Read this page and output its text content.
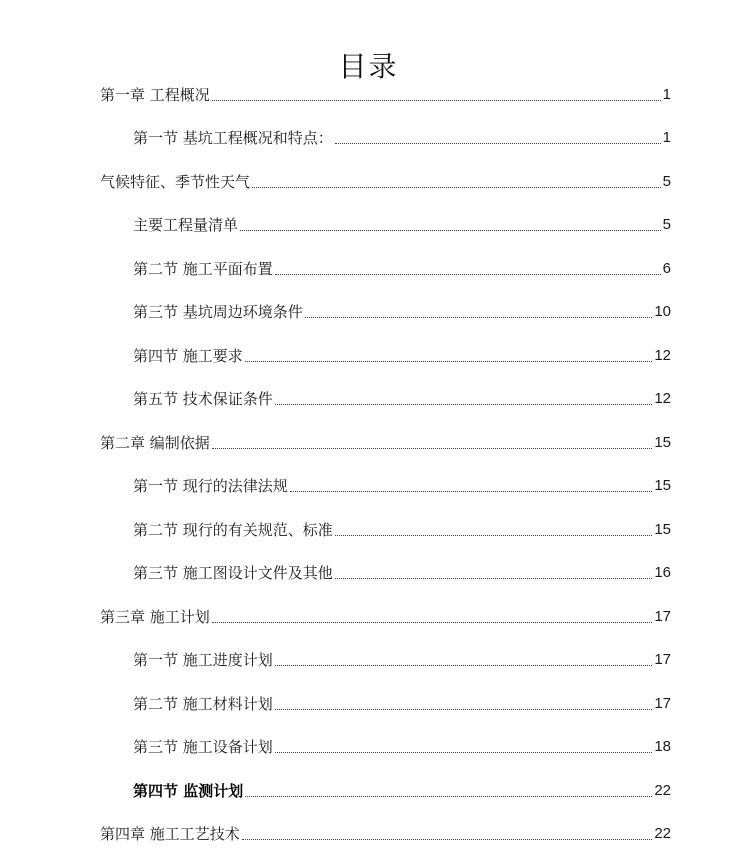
目录
第一章 工程概况	1
第一节 基坑工程概况和特点：	1
气候特征、季节性天气	5
主要工程量清单	5
第二节 施工平面布置	6
第三节 基坑周边环境条件	10
第四节 施工要求	12
第五节 技术保证条件	12
第二章 编制依据	15
第一节 现行的法律法规	15
第二节 现行的有关规范、标准	15
第三节 施工图设计文件及其他	16
第三章 施工计划	17
第一节 施工进度计划	17
第二节 施工材料计划	17
第三节 施工设备计划	18
第四节 监测计划	22
第四章 施工工艺技术	22
